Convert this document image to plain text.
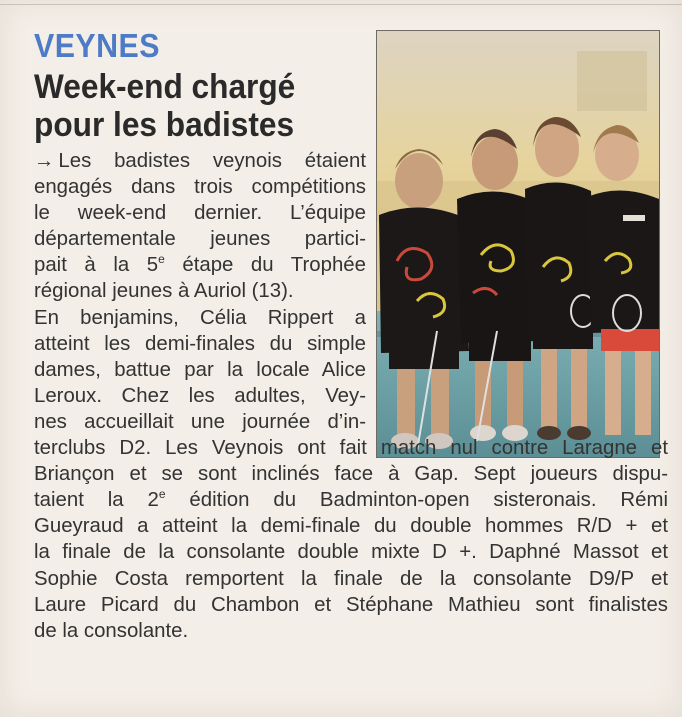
VEYNES
Week-end chargé
pour les badistes
→ Les badistes veynois étaient
engagés dans trois compétitions
le week-end dernier. L’équipe
départementale jeunes partici-
pait à la 5e étape du Trophée
régional jeunes à Auriol (13).
En benjamins, Célia Rippert a
atteint les demi-finales du simple
dames, battue par la locale Alice
Leroux. Chez les adultes, Vey-
nes accueillait une journée d’in-
terclubs D2. Les Veynois ont fait match nul contre Laragne et
Briançon et se sont inclinés face à Gap. Sept joueurs dispu-
taient la 2e édition du Badminton-open sisteronais. Rémi
Gueyraud a atteint la demi-finale du double hommes R/D + et
la finale de la consolante double mixte D +. Daphné Massot et
Sophie Costa remportent la finale de la consolante D9/P et
Laure Picard du Chambon et Stéphane Mathieu sont finalistes
de la consolante.
